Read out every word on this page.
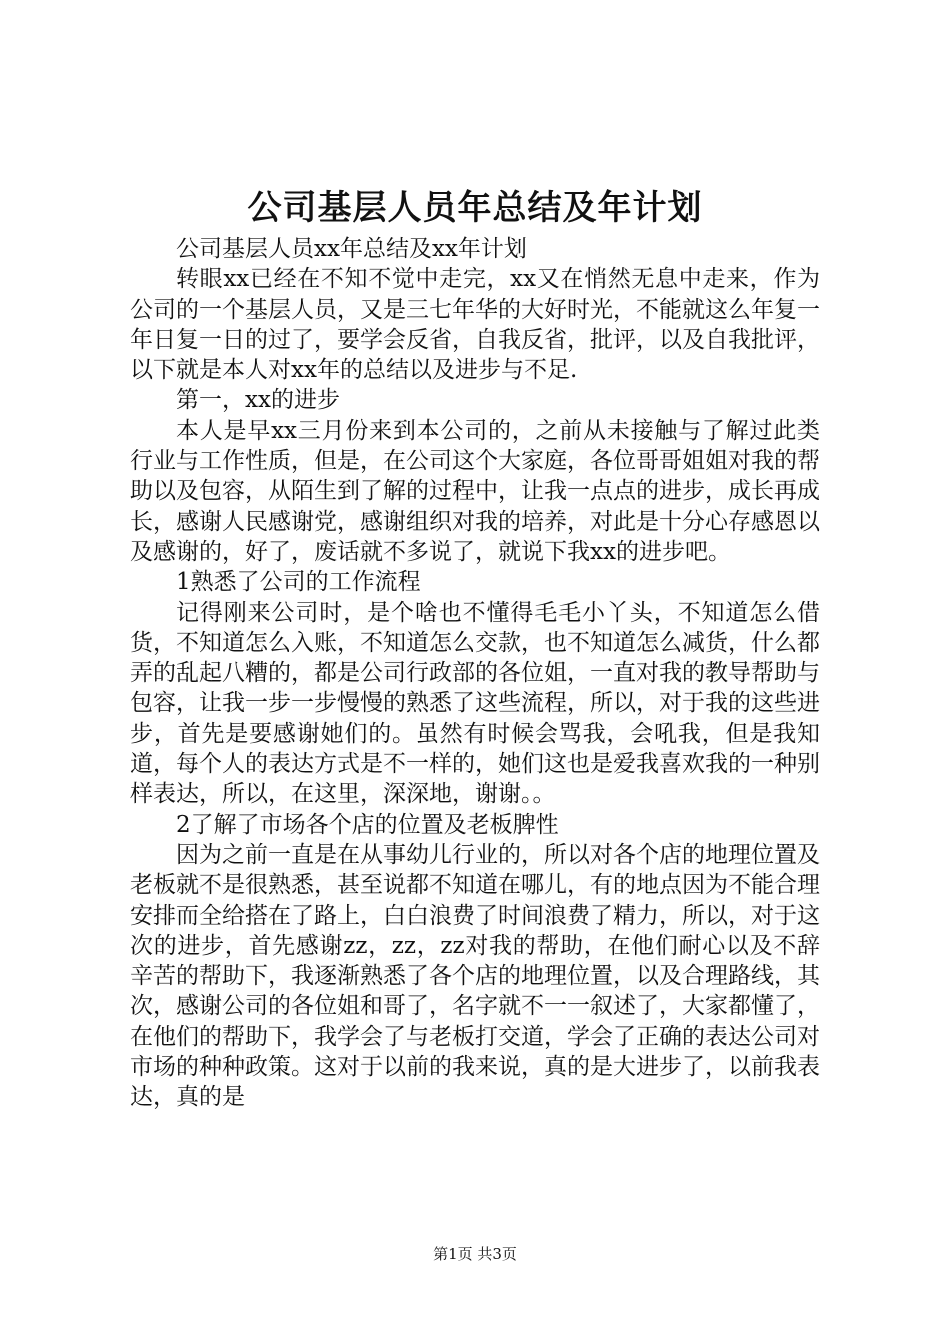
公司基层人员年总结及年计划

公司基层人员xx年总结及xx年计划

转眼xx已经在不知不觉中走完，xx又在悄然无息中走来，作为公司的一个基层人员，又是三七年华的大好时光，不能就这么年复一年日复一日的过了，要学会反省，自我反省，批评，以及自我批评，以下就是本人对xx年的总结以及进步与不足.

第一，xx的进步

本人是早xx三月份来到本公司的，之前从未接触与了解过此类行业与工作性质，但是，在公司这个大家庭，各位哥哥姐姐对我的帮助以及包容，从陌生到了解的过程中，让我一点点的进步，成长再成长，感谢人民感谢党，感谢组织对我的培养，对此是十分心存感恩以及感谢的，好了，废话就不多说了，就说下我xx的进步吧。

1熟悉了公司的工作流程

记得刚来公司时，是个啥也不懂得毛毛小丫头，不知道怎么借货，不知道怎么入账，不知道怎么交款，也不知道怎么减货，什么都弄的乱起八糟的，都是公司行政部的各位姐，一直对我的教导帮助与包容，让我一步一步慢慢的熟悉了这些流程，所以，对于我的这些进步，首先是要感谢她们的。虽然有时候会骂我，会吼我，但是我知道，每个人的表达方式是不一样的，她们这也是爱我喜欢我的一种别样表达，所以，在这里，深深地，谢谢。。

2了解了市场各个店的位置及老板脾性

因为之前一直是在从事幼儿行业的，所以对各个店的地理位置及老板就不是很熟悉，甚至说都不知道在哪儿，有的地点因为不能合理安排而全给搭在了路上，白白浪费了时间浪费了精力，所以，对于这次的进步，首先感谢zz，zz，zz对我的帮助，在他们耐心以及不辞辛苦的帮助下，我逐渐熟悉了各个店的地理位置，以及合理路线，其次，感谢公司的各位姐和哥了，名字就不一一叙述了，大家都懂了，在他们的帮助下，我学会了与老板打交道，学会了正确的表达公司对市场的种种政策。这对于以前的我来说，真的是大进步了，以前我表达，真的是

第1页 共3页
